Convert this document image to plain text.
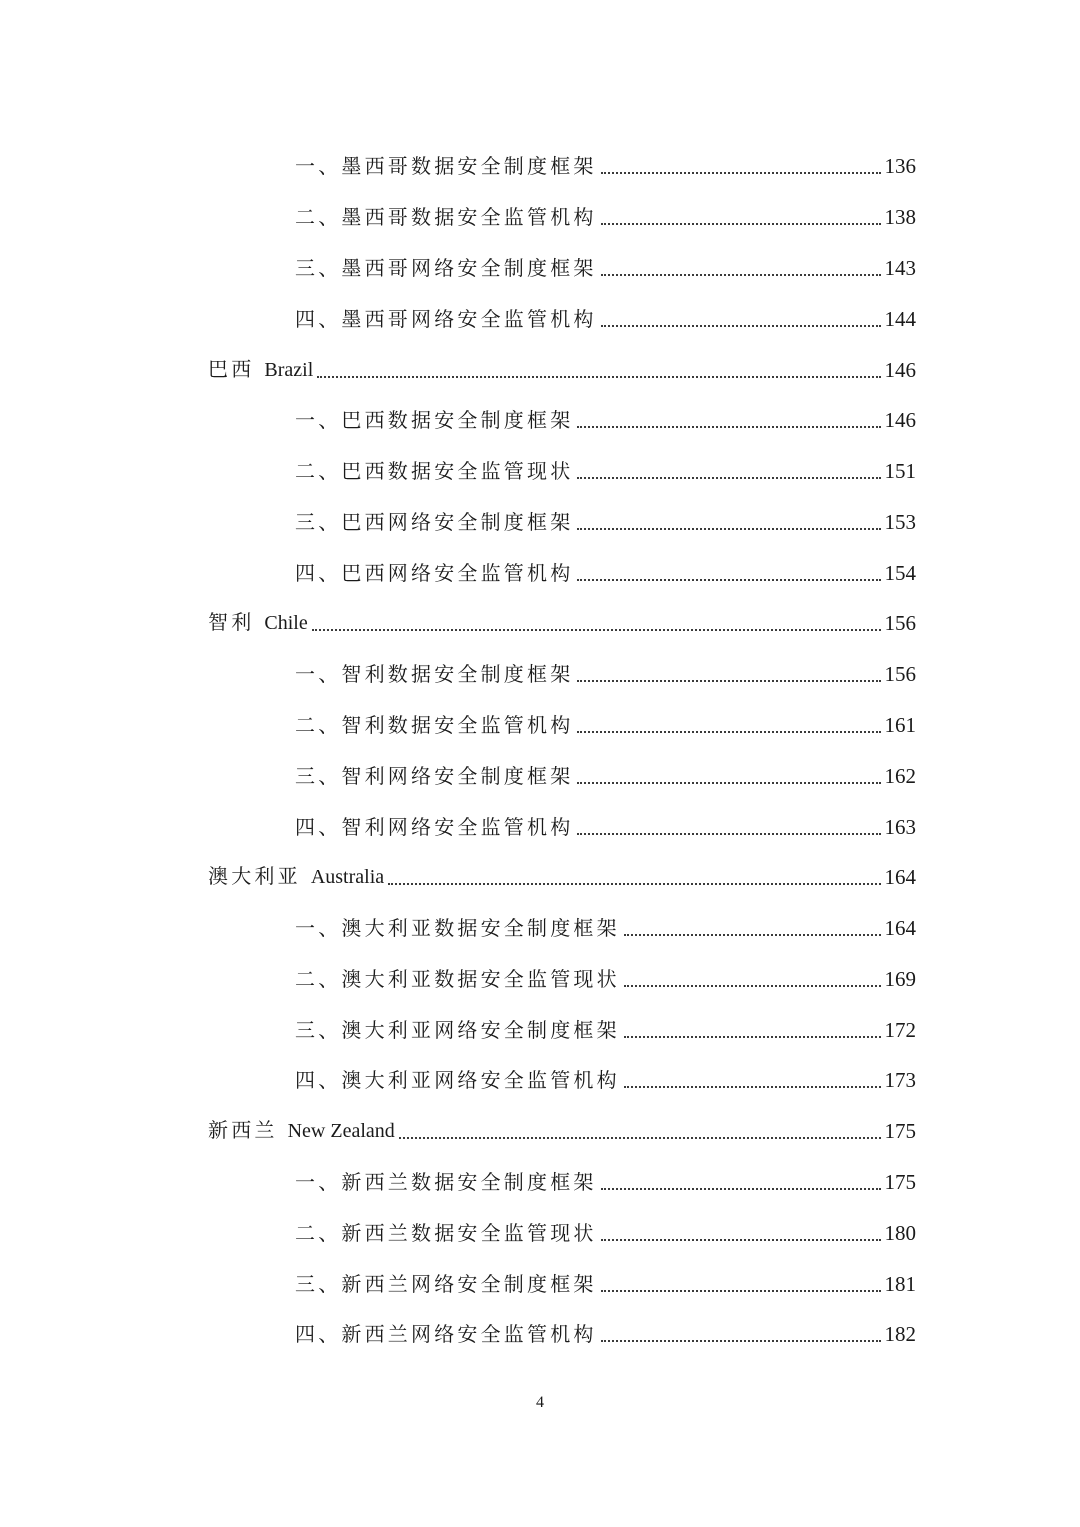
一、墨西哥数据安全制度框架	136
二、墨西哥数据安全监管机构	138
三、墨西哥网络安全制度框架	143
四、墨西哥网络安全监管机构	144
巴西 Brazil	146
一、巴西数据安全制度框架	146
二、巴西数据安全监管现状	151
三、巴西网络安全制度框架	153
四、巴西网络安全监管机构	154
智利 Chile	156
一、智利数据安全制度框架	156
二、智利数据安全监管机构	161
三、智利网络安全制度框架	162
四、智利网络安全监管机构	163
澳大利亚 Australia	164
一、澳大利亚数据安全制度框架	164
二、澳大利亚数据安全监管现状	169
三、澳大利亚网络安全制度框架	172
四、澳大利亚网络安全监管机构	173
新西兰 New Zealand	175
一、新西兰数据安全制度框架	175
二、新西兰数据安全监管现状	180
三、新西兰网络安全制度框架	181
四、新西兰网络安全监管机构	182
4
